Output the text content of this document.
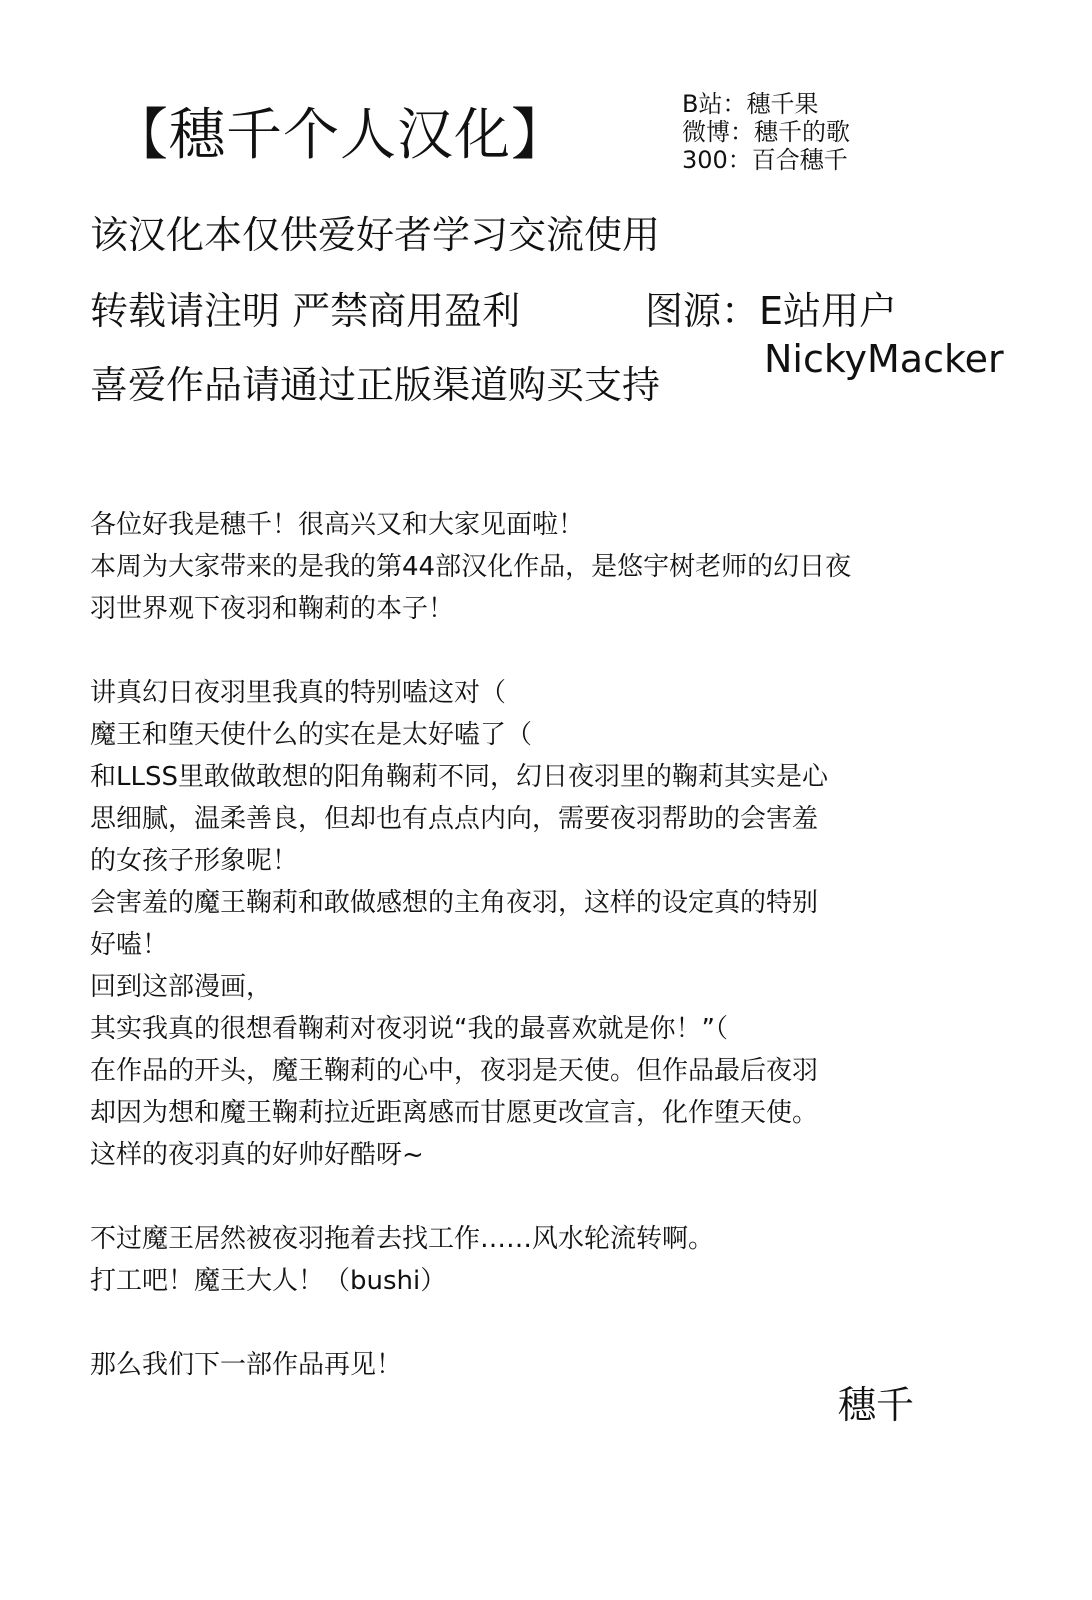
【穗千个人汉化】	B站：穗千果
微博：穗千的歌
300：百合穗千
该汉化本仅供爱好者学习交流使用
转载请注明 严禁商用盈利
喜爱作品请通过正版渠道购买支持
图源：E站用户
NickyMacker

各位好我是穗千！很高兴又和大家见面啦！

本周为大家带来的是我的第44部汉化作品，是悠宇树老师的幻日夜

羽世界观下夜羽和鞠莉的本子！

讲真幻日夜羽里我真的特别嗑这对（

魔王和堕天使什么的实在是太好嗑了（

和LLSS里敢做敢想的阳角鞠莉不同，幻日夜羽里的鞠莉其实是心

思细腻，温柔善良，但却也有点点内向，需要夜羽帮助的会害羞

的女孩子形象呢！

会害羞的魔王鞠莉和敢做感想的主角夜羽，这样的设定真的特别

好嗑！

回到这部漫画，

其实我真的很想看鞠莉对夜羽说“我的最喜欢就是你！”（

在作品的开头，魔王鞠莉的心中，夜羽是天使。但作品最后夜羽

却因为想和魔王鞠莉拉近距离感而甘愿更改宣言，化作堕天使。

这样的夜羽真的好帅好酷呀~

不过魔王居然被夜羽拖着去找工作……风水轮流转啊。

打工吧！魔王大人！（bushi）

那么我们下一部作品再见！

穗千
